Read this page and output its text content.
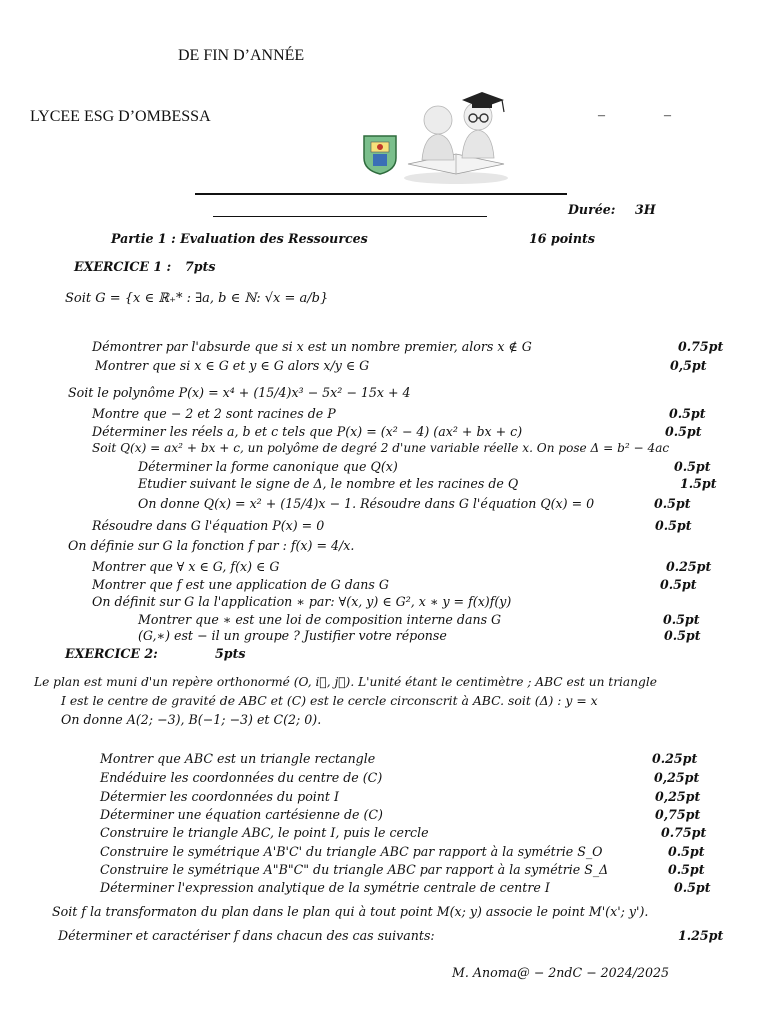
DE FIN D’ANNÉE
LYCEE ESG D’OMBESSA	–	–
Durée: 3H
Partie 1 : Evaluation des Ressources	16 points
EXERCICE 1 : 7pts
Soit G = {x ∈ ℝ₊* : ∃a, b ∈ ℕ: √x = a/b}
Démontrer par l'absurde que si x est un nombre premier, alors x ∉ G	0.75pt
Montrer que si x ∈ G et y ∈ G alors x/y ∈ G	0,5pt
Soit le polynôme P(x) = x⁴ + (15/4)x³ − 5x² − 15x + 4
Montre que − 2 et 2 sont racines de P	0.5pt
Déterminer les réels a, b et c tels que P(x) = (x² − 4) (ax² + bx + c)	0.5pt
Soit Q(x) = ax² + bx + c, un polyôme de degré 2 d'une variable réelle x. On pose Δ = b² − 4ac
Déterminer la forme canonique que Q(x)	0.5pt
Etudier suivant le signe de Δ, le nombre et les racines de Q	1.5pt
On donne Q(x) = x² + (15/4)x − 1. Résoudre dans G l'équation Q(x) = 0	0.5pt
Résoudre dans G l'équation P(x) = 0	0.5pt
On définie sur G la fonction f par : f(x) = 4/x.
Montrer que ∀ x ∈ G, f(x) ∈ G	0.25pt
Montrer que f est une application de G dans G	0.5pt
On définit sur G la l'application ∗ par: ∀(x, y) ∈ G², x ∗ y = f(x)f(y)
Montrer que ∗ est une loi de composition interne dans G	0.5pt
(G,∗) est − il un groupe ? Justifier votre réponse	0.5pt
EXERCICE 2:	5pts
Le plan est muni d'un repère orthonormé (O, i⃗, j⃗). L'unité étant le centimètre ; ABC est un triangle
I est le centre de gravité de ABC et (C) est le cercle circonscrit à ABC. soit (Δ) : y = x
On donne A(2; −3), B(−1; −3) et C(2; 0).
Montrer que ABC est un triangle rectangle	0.25pt
Endéduire les coordonnées du centre de (C)	0,25pt
Détermier les coordonnées du point I	0,25pt
Déterminer une équation cartésienne de (C)	0,75pt
Construire le triangle ABC, le point I, puis le cercle	0.75pt
Construire le symétrique A'B'C' du triangle ABC par rapport à la symétrie S_O	0.5pt
Construire le symétrique A"B"C" du triangle ABC par rapport à la symétrie S_Δ	0.5pt
Déterminer l'expression analytique de la symétrie centrale de centre I	0.5pt
Soit f la transformaton du plan dans le plan qui à tout point M(x; y) associe le point M'(x'; y').
Déterminer et caractériser f dans chacun des cas suivants:	1.25pt
M. Anoma@ − 2ndC − 2024/2025
